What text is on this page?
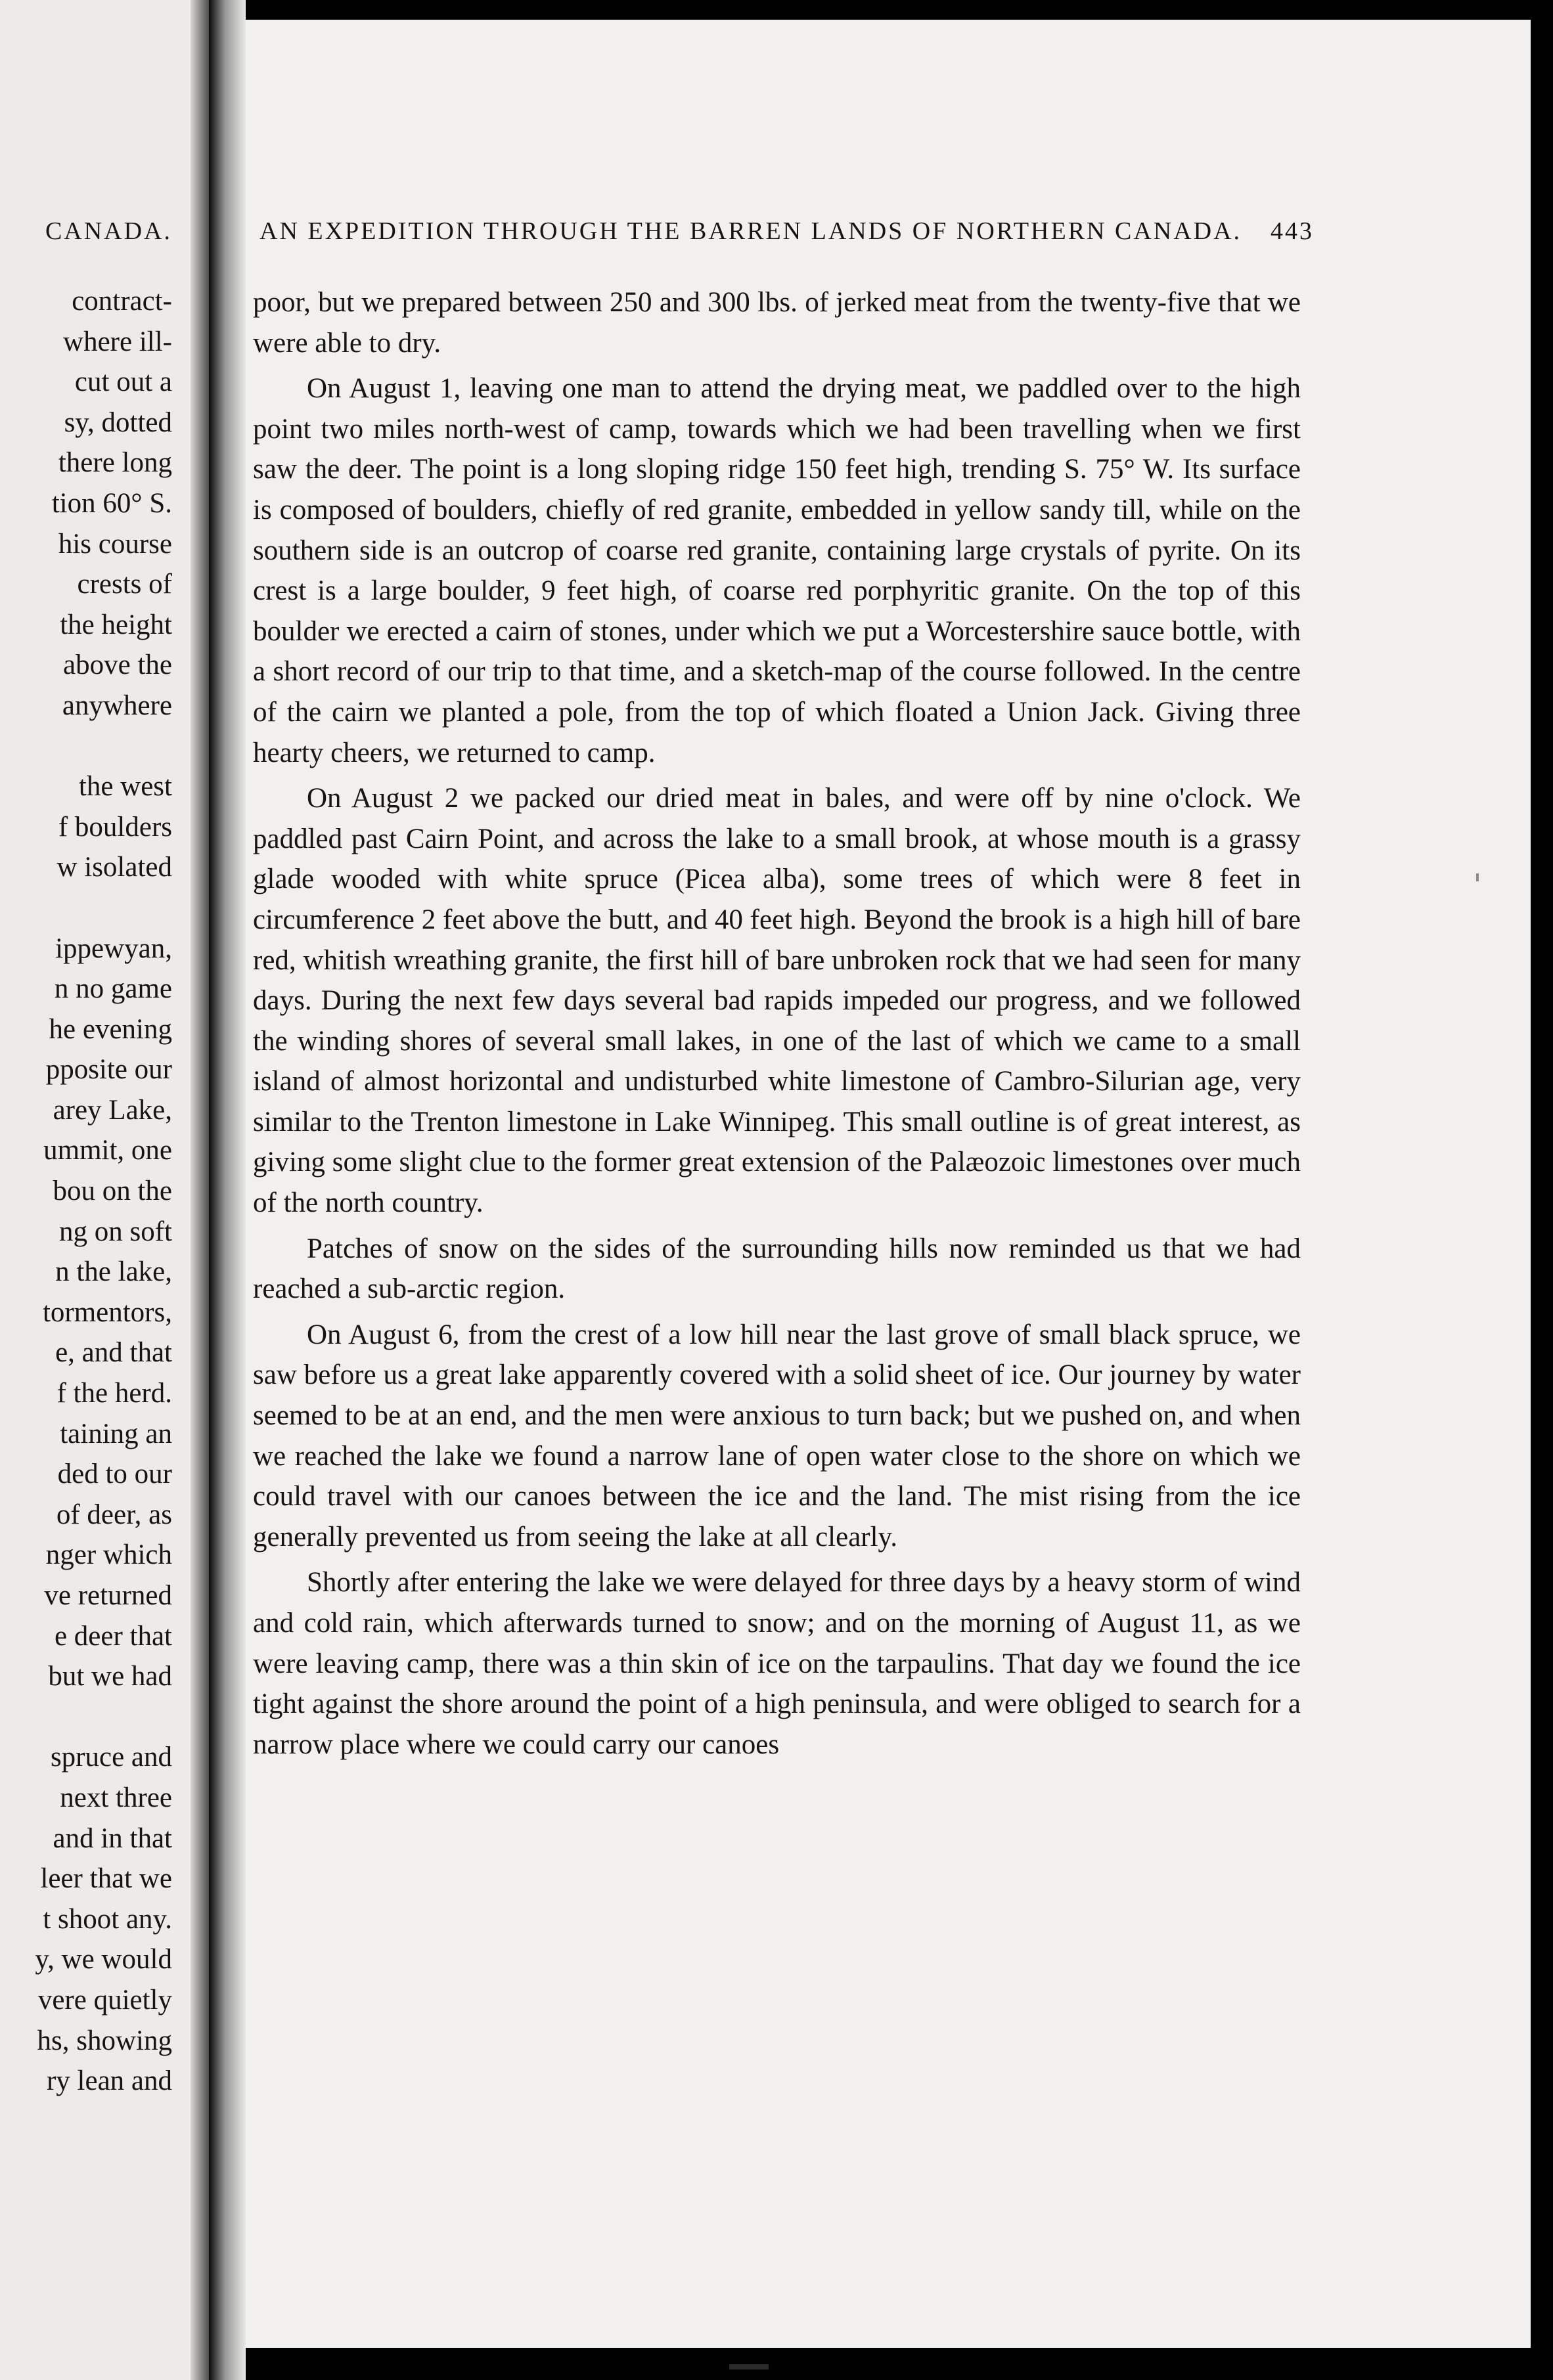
CANADA.
contract-
where ill-
cut out a
sy, dotted
there long
tion 60° S.
his course
crests of
the height
above the
anywhere
the west
f boulders
w isolated
ippewyan,
n no game
he evening
pposite our
arey Lake,
ummit, one
bou on the
ng on soft
n the lake,
tormentors,
e, and that
f the herd.
taining an
ded to our
of deer, as
nger which
ve returned
e deer that
but we had
spruce and
next three
and in that
leer that we
t shoot any.
y, we would
vere quietly
hs, showing
ry lean and
AN EXPEDITION THROUGH THE BARREN LANDS OF NORTHERN CANADA. 443

poor, but we prepared between 250 and 300 lbs. of jerked meat from the twenty-five that we were able to dry.

On August 1, leaving one man to attend the drying meat, we paddled over to the high point two miles north-west of camp, towards which we had been travelling when we first saw the deer. The point is a long sloping ridge 150 feet high, trending S. 75° W. Its surface is composed of boulders, chiefly of red granite, embedded in yellow sandy till, while on the southern side is an outcrop of coarse red granite, containing large crystals of pyrite. On its crest is a large boulder, 9 feet high, of coarse red porphyritic granite. On the top of this boulder we erected a cairn of stones, under which we put a Worcestershire sauce bottle, with a short record of our trip to that time, and a sketch-map of the course followed. In the centre of the cairn we planted a pole, from the top of which floated a Union Jack. Giving three hearty cheers, we returned to camp.

On August 2 we packed our dried meat in bales, and were off by nine o'clock. We paddled past Cairn Point, and across the lake to a small brook, at whose mouth is a grassy glade wooded with white spruce (Picea alba), some trees of which were 8 feet in circumference 2 feet above the butt, and 40 feet high. Beyond the brook is a high hill of bare red, whitish wreathing granite, the first hill of bare unbroken rock that we had seen for many days. During the next few days several bad rapids impeded our progress, and we followed the winding shores of several small lakes, in one of the last of which we came to a small island of almost horizontal and undisturbed white limestone of Cambro-Silurian age, very similar to the Trenton limestone in Lake Winnipeg. This small outline is of great interest, as giving some slight clue to the former great extension of the Palæozoic limestones over much of the north country.

Patches of snow on the sides of the surrounding hills now reminded us that we had reached a sub-arctic region.

On August 6, from the crest of a low hill near the last grove of small black spruce, we saw before us a great lake apparently covered with a solid sheet of ice. Our journey by water seemed to be at an end, and the men were anxious to turn back; but we pushed on, and when we reached the lake we found a narrow lane of open water close to the shore on which we could travel with our canoes between the ice and the land. The mist rising from the ice generally prevented us from seeing the lake at all clearly.

Shortly after entering the lake we were delayed for three days by a heavy storm of wind and cold rain, which afterwards turned to snow; and on the morning of August 11, as we were leaving camp, there was a thin skin of ice on the tarpaulins. That day we found the ice tight against the shore around the point of a high peninsula, and were obliged to search for a narrow place where we could carry our canoes
